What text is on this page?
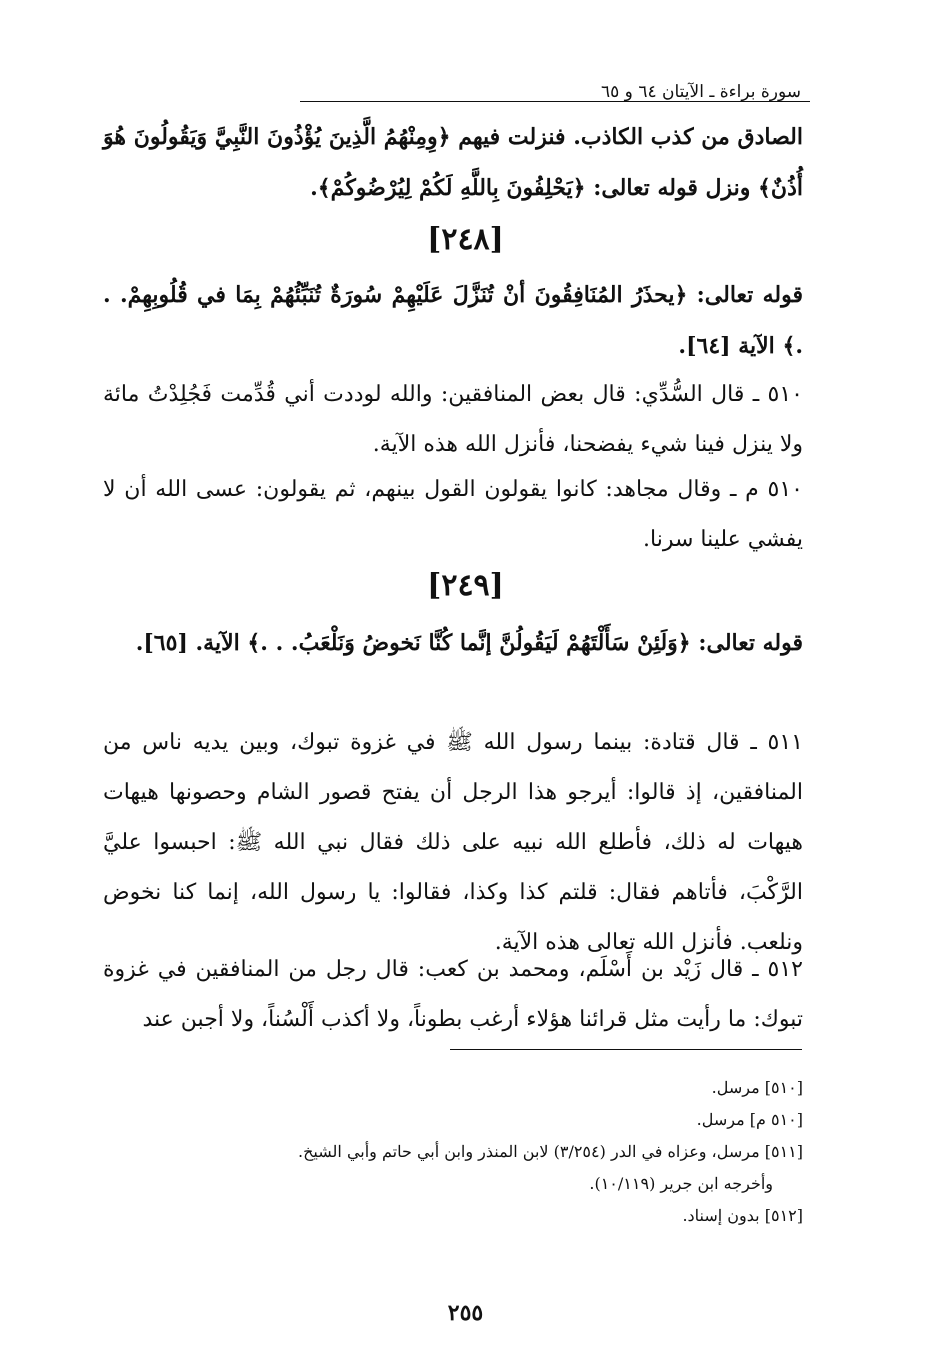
سورة براءة ـ الآيتان ٦٤ و ٦٥
الصادق من كذب الكاذب. فنزلت فيهم ﴿وِمِنْهُمُ الَّذِينَ يُؤْذُونَ النَّبِيَّ وَيَقُولُونَ هُوَ أُذُنٌ﴾ ونزل قوله تعالى: ﴿يَحْلِفُونَ بِاللَّهِ لَكُمْ لِيُرْضُوكُمْ﴾.
[٢٤٨]
قوله تعالى: ﴿يحذَرُ المُنَافِقُونَ أنْ تُنَزَّلَ عَلَيْهِمْ سُورَةٌ تُنَبِّئُهُمْ بِمَا في قُلُوبِهِمْ. . .﴾ الآية [٦٤].
٥١٠ ـ قال السُّدِّي: قال بعض المنافقين: والله لوددت أني قُدِّمت فَجُلِدْتُ مائة ولا ينزل فينا شيء يفضحنا، فأنزل الله هذه الآية.
٥١٠ م ـ وقال مجاهد: كانوا يقولون القول بينهم، ثم يقولون: عسى الله أن لا يفشي علينا سرنا.
[٢٤٩]
قوله تعالى: ﴿وَلَئِنْ سَأَلْتَهُمْ لَيَقُولُنَّ إنَّما كُنَّا نَخوضُ وَنَلْعَبُ. . .﴾ الآية. [٦٥].
٥١١ ـ قال قتادة: بينما رسول الله ﷺ في غزوة تبوك، وبين يديه ناس من المنافقين، إذ قالوا: أيرجو هذا الرجل أن يفتح قصور الشام وحصونها هيهات هيهات له ذلك، فأطلع الله نبيه على ذلك فقال نبي الله ﷺ: احبسوا عليَّ الرَّكْبَ، فأتاهم فقال: قلتم كذا وكذا، فقالوا: يا رسول الله، إنما كنا نخوض ونلعب. فأنزل الله تعالى هذه الآية.
٥١٢ ـ قال زَيْد بن أَسْلَم، ومحمد بن كعب: قال رجل من المنافقين في غزوة تبوك: ما رأيت مثل قرائنا هؤلاء أرغب بطوناً، ولا أكذب أَلْسُناً، ولا أجبن عند
[٥١٠] مرسل.
[٥١٠ م] مرسل.
[٥١١] مرسل، وعزاه في الدر (٣/٢٥٤) لابن المنذر وابن أبي حاتم وأبي الشيخ.
وأخرجه ابن جرير (١٠/١١٩).
[٥١٢] بدون إسناد.
٢٥٥
